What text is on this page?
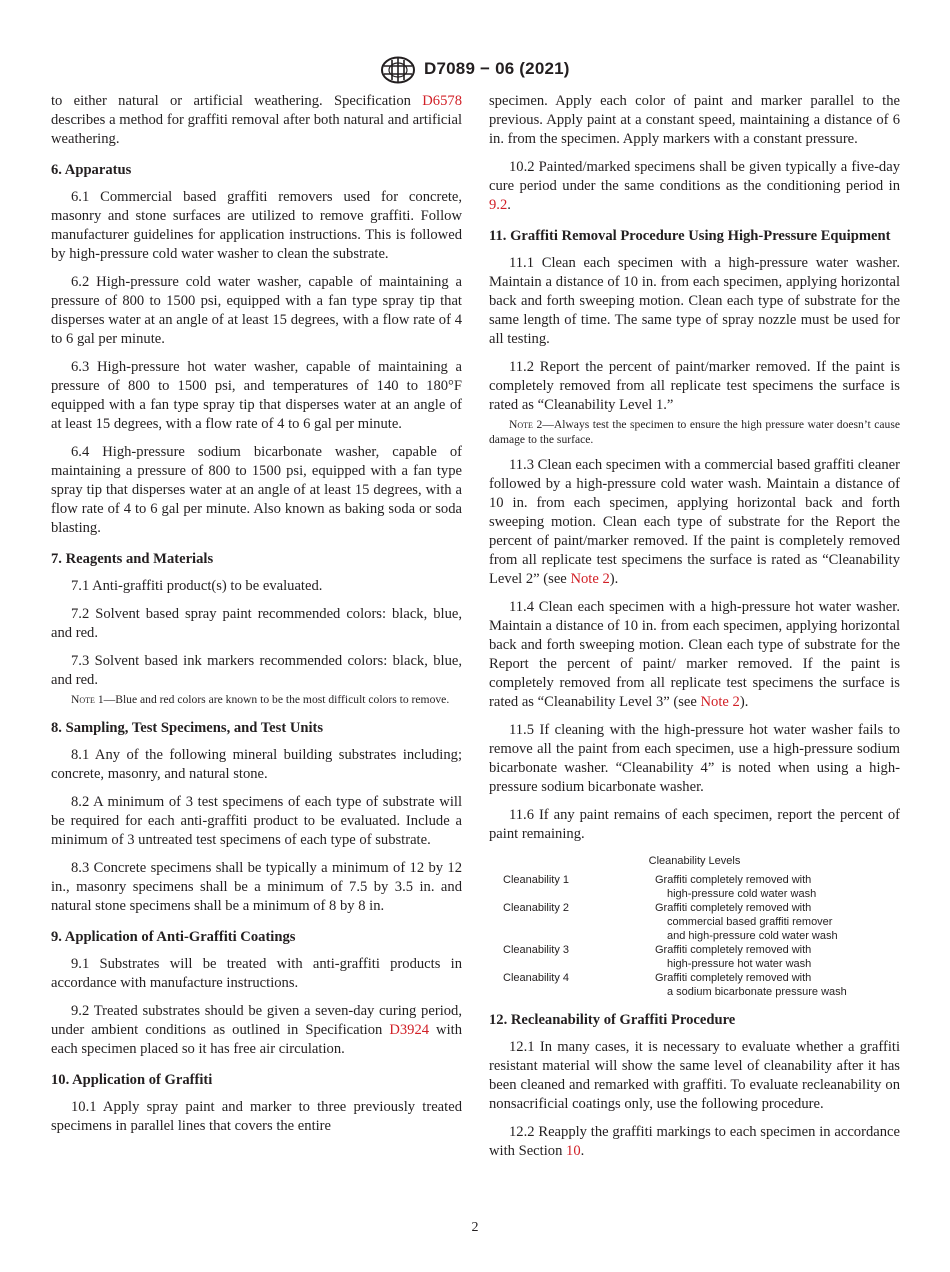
D7089 − 06 (2021)

to either natural or artificial weathering. Specification D6578 describes a method for graffiti removal after both natural and artificial weathering.

6. Apparatus

6.1 Commercial based graffiti removers used for concrete, masonry and stone surfaces are utilized to remove graffiti. Follow manufacturer guidelines for application instructions. This is followed by high-pressure cold water washer to clean the substrate.

6.2 High-pressure cold water washer, capable of maintaining a pressure of 800 to 1500 psi, equipped with a fan type spray tip that disperses water at an angle of at least 15 degrees, with a flow rate of 4 to 6 gal per minute.

6.3 High-pressure hot water washer, capable of maintaining a pressure of 800 to 1500 psi, and temperatures of 140 to 180°F equipped with a fan type spray tip that disperses water at an angle of at least 15 degrees, with a flow rate of 4 to 6 gal per minute.

6.4 High-pressure sodium bicarbonate washer, capable of maintaining a pressure of 800 to 1500 psi, equipped with a fan type spray tip that disperses water at an angle of at least 15 degrees, with a flow rate of 4 to 6 gal per minute. Also known as baking soda or soda blasting.

7. Reagents and Materials

7.1 Anti-graffiti product(s) to be evaluated.

7.2 Solvent based spray paint recommended colors: black, blue, and red.

7.3 Solvent based ink markers recommended colors: black, blue, and red.

Note 1—Blue and red colors are known to be the most difficult colors to remove.
8. Sampling, Test Specimens, and Test Units

8.1 Any of the following mineral building substrates including; concrete, masonry, and natural stone.

8.2 A minimum of 3 test specimens of each type of substrate will be required for each anti-graffiti product to be evaluated. Include a minimum of 3 untreated test specimens of each type of substrate.

8.3 Concrete specimens shall be typically a minimum of 12 by 12 in., masonry specimens shall be a minimum of 7.5 by 3.5 in. and natural stone specimens shall be a minimum of 8 by 8 in.

9. Application of Anti-Graffiti Coatings

9.1 Substrates will be treated with anti-graffiti products in accordance with manufacture instructions.

9.2 Treated substrates should be given a seven-day curing period, under ambient conditions as outlined in Specification D3924 with each specimen placed so it has free air circulation.

10. Application of Graffiti

10.1 Apply spray paint and marker to three previously treated specimens in parallel lines that covers the entire

specimen. Apply each color of paint and marker parallel to the previous. Apply paint at a constant speed, maintaining a distance of 6 in. from the specimen. Apply markers with a constant pressure.

10.2 Painted/marked specimens shall be given typically a five-day cure period under the same conditions as the conditioning period in 9.2.

11. Graffiti Removal Procedure Using High-Pressure Equipment

11.1 Clean each specimen with a high-pressure water washer. Maintain a distance of 10 in. from each specimen, applying horizontal back and forth sweeping motion. Clean each type of substrate for the same length of time. The same type of spray nozzle must be used for all testing.

11.2 Report the percent of paint/marker removed. If the paint is completely removed from all replicate test specimens the surface is rated as “Cleanability Level 1.”

Note 2—Always test the specimen to ensure the high pressure water doesn’t cause damage to the surface.

11.3 Clean each specimen with a commercial based graffiti cleaner followed by a high-pressure cold water wash. Maintain a distance of 10 in. from each specimen, applying horizontal back and forth sweeping motion. Clean each type of substrate for the Report the percent of paint/marker removed. If the paint is completely removed from all replicate test specimens the surface is rated as “Cleanability Level 2” (see Note 2).

11.4 Clean each specimen with a high-pressure hot water washer. Maintain a distance of 10 in. from each specimen, applying horizontal back and forth sweeping motion. Clean each type of substrate for the Report the percent of paint/ marker removed. If the paint is completely removed from all replicate test specimens the surface is rated as “Cleanability Level 3” (see Note 2).

11.5 If cleaning with the high-pressure hot water washer fails to remove all the paint from each specimen, use a high-pressure sodium bicarbonate washer. “Cleanability 4” is noted when using a high-pressure sodium bicarbonate washer.

11.6 If any paint remains of each specimen, report the percent of paint remaining.

Cleanability Levels
Cleanability 1	Graffiti completely removed with
high-pressure cold water wash

Cleanability 2	Graffiti completely removed with
commercial based graffiti remover
and high-pressure cold water wash

Cleanability 3	Graffiti completely removed with
high-pressure hot water wash

Cleanability 4	Graffiti completely removed with
a sodium bicarbonate pressure wash
12. Recleanability of Graffiti Procedure

12.1 In many cases, it is necessary to evaluate whether a graffiti resistant material will show the same level of cleanability after it has been cleaned and remarked with graffiti. To evaluate recleanability on nonsacrificial coatings only, use the following procedure.

12.2 Reapply the graffiti markings to each specimen in accordance with Section 10.

2
